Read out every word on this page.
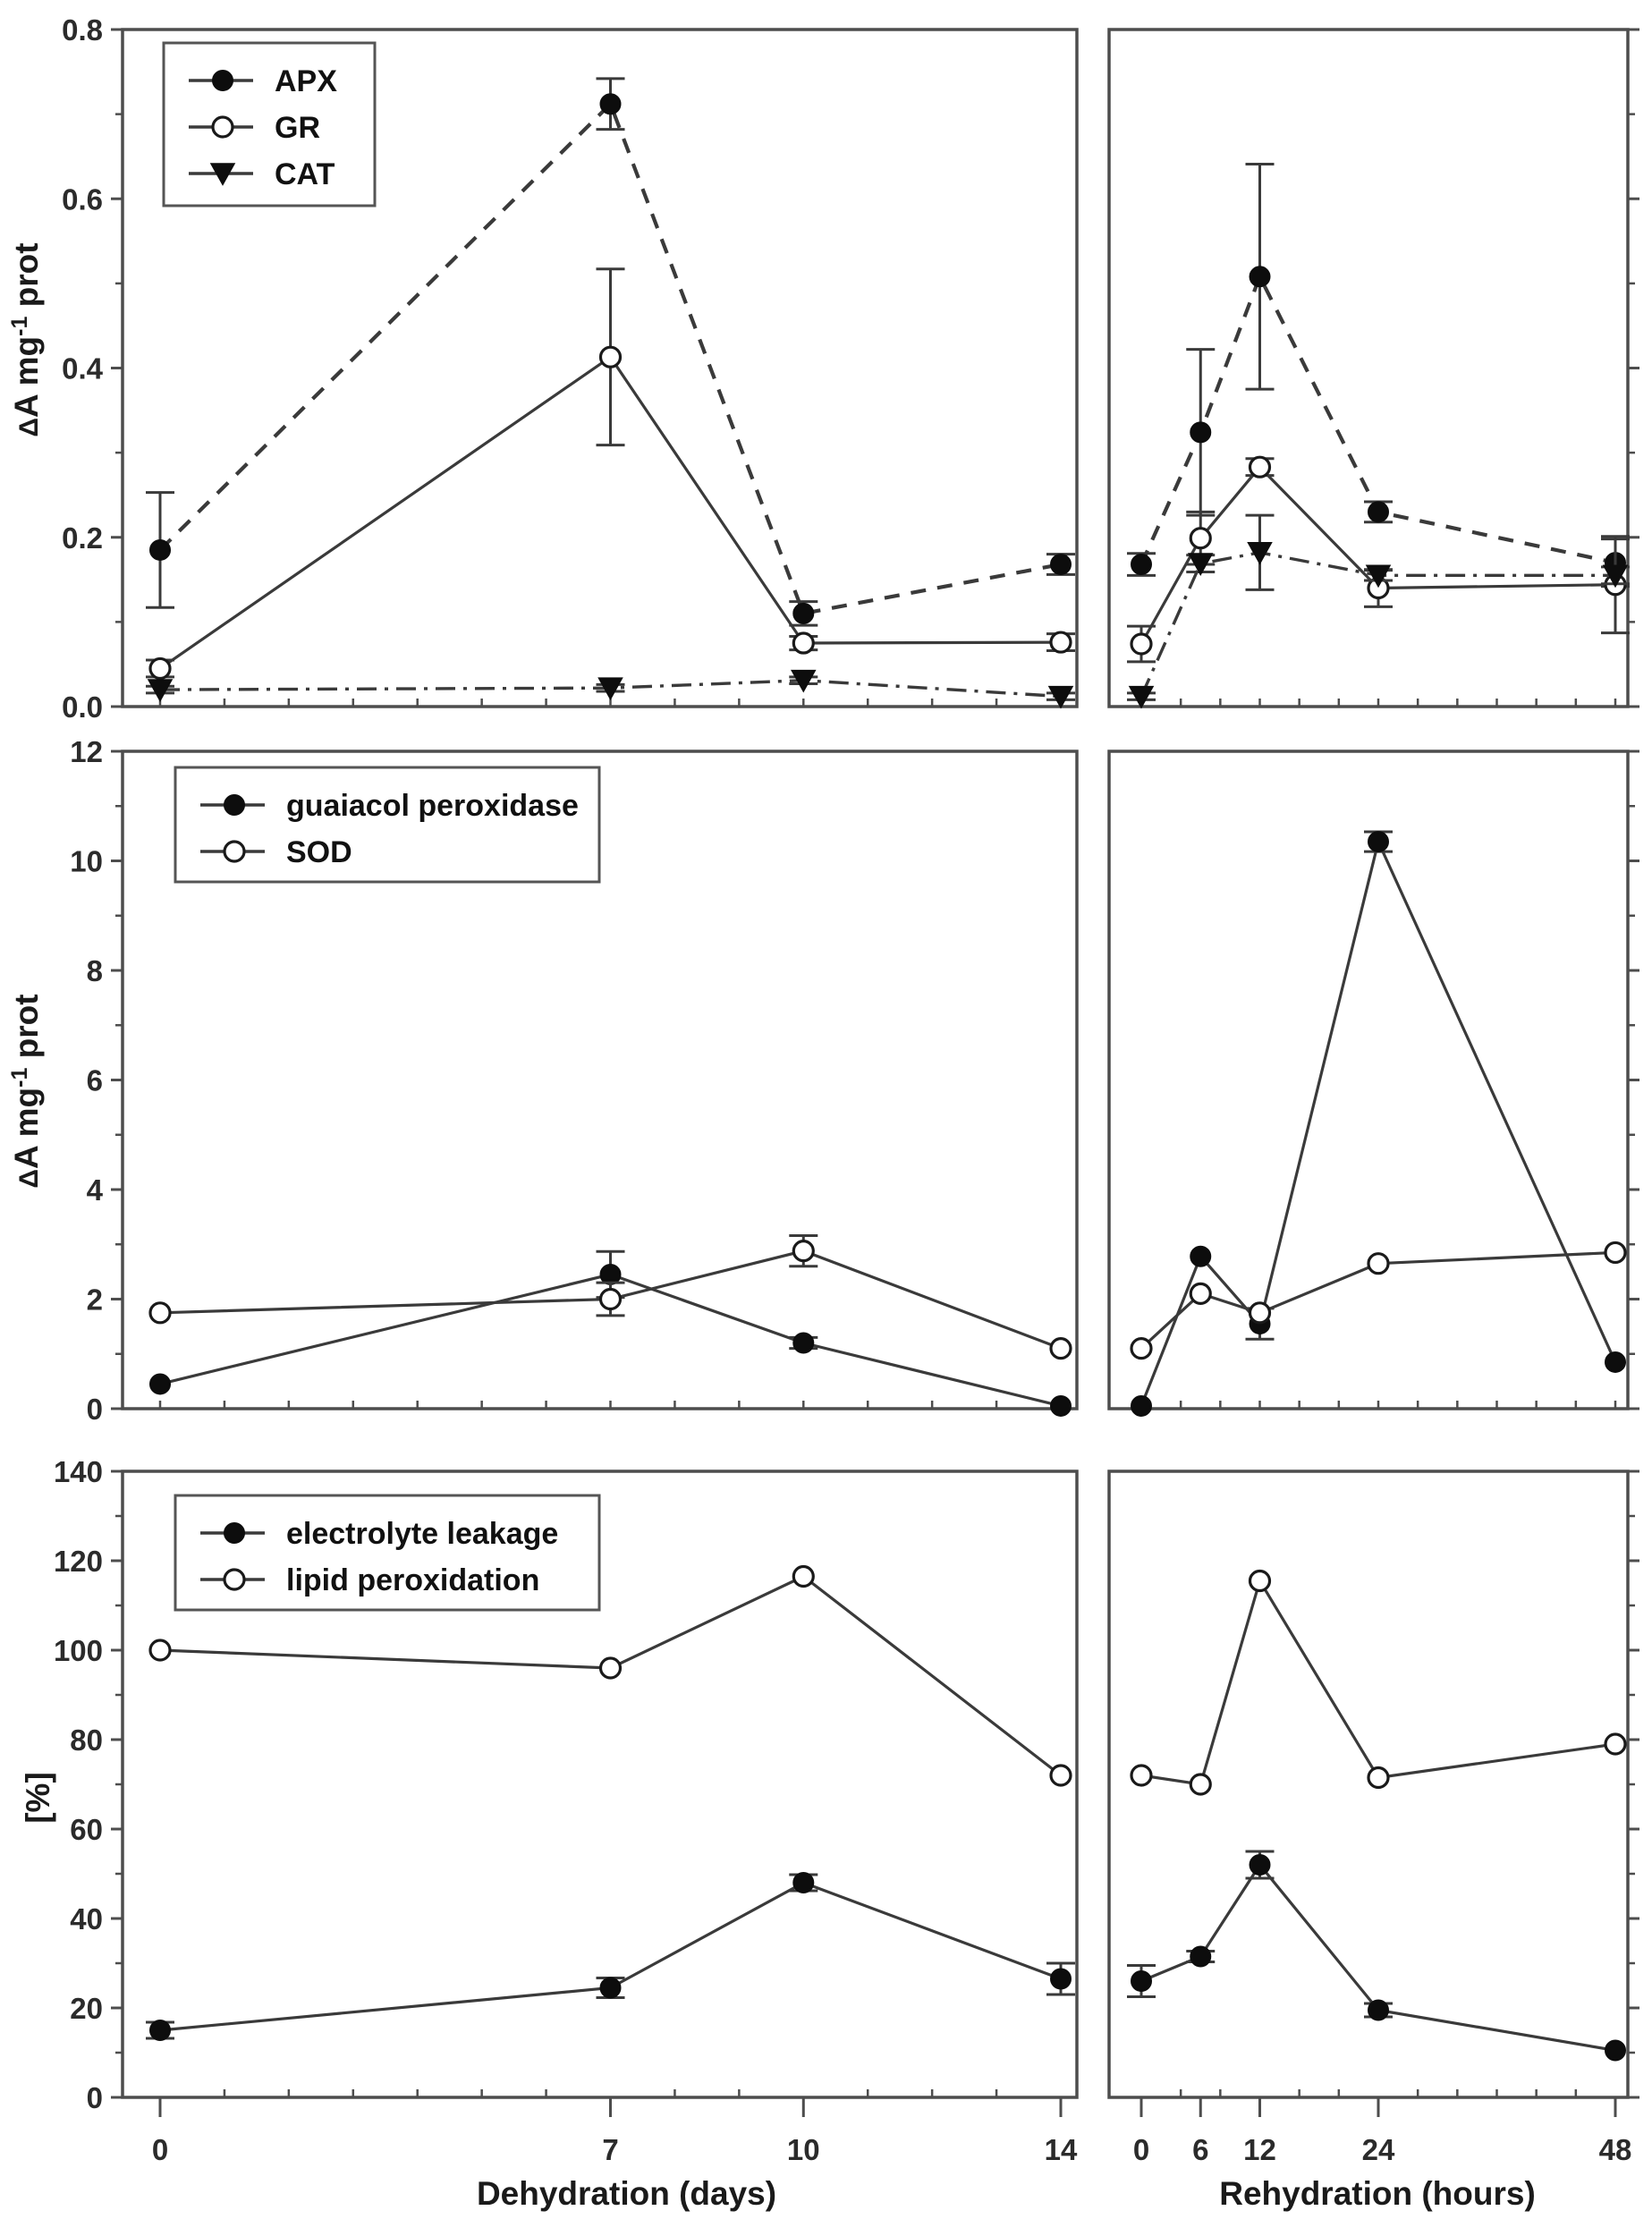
0.0
0.2
0.4
0.6
0.8
0
2
4
6
8
10
12
0
20
40
60
80
100
120
140
0	7	10	14 0 6 12	24	48
APX
GR
CAT
guaiacol peroxidase
SOD
electrolyte leakage
lipid peroxidation
ΔA $mg^{-1}$ prot
ΔA $mg^{-1}$ prot
[%]
Dehydration (days)	Rehydration (hours)
